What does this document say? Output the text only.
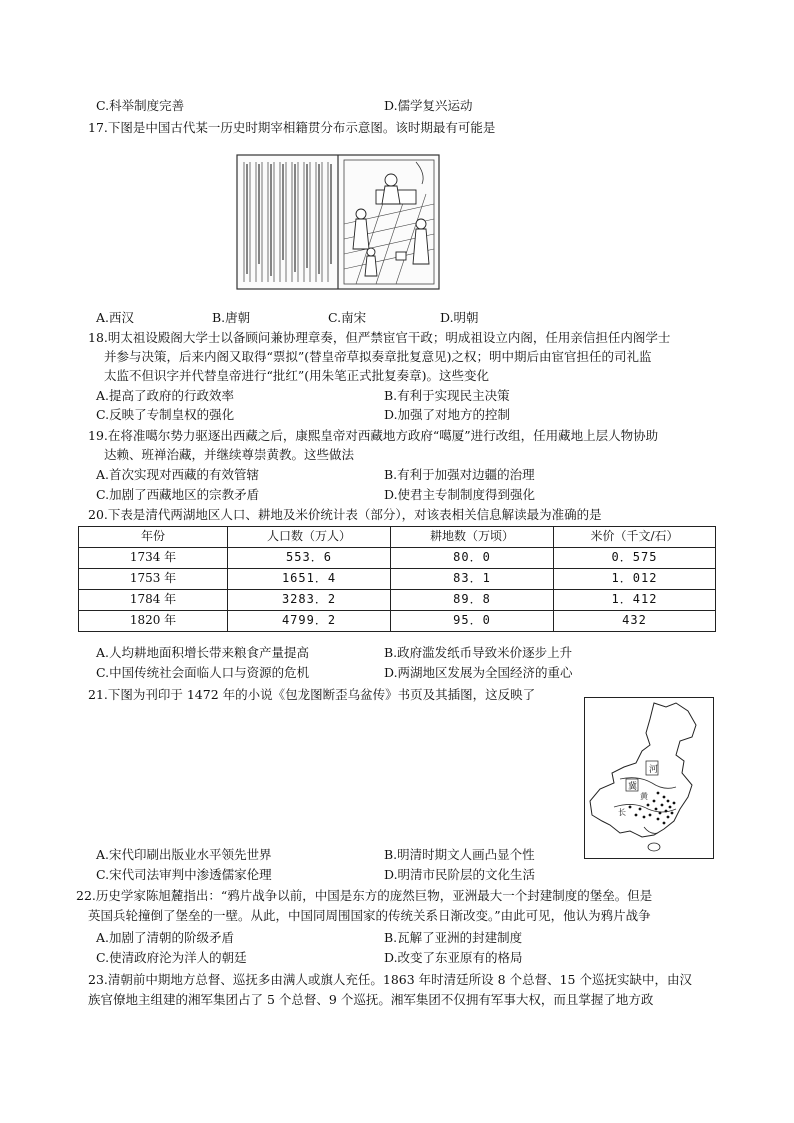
C.科举制度完善	D.儒学复兴运动
17.下图是中国古代某一历史时期宰相籍贯分布示意图。该时期最有可能是
A.西汉	B.唐朝	C.南宋	D.明朝
18.明太祖设殿阁大学士以备顾问兼协理章奏，但严禁宦官干政；明成祖设立内阁，任用亲信担任内阁学士
并参与决策，后来内阁又取得“票拟”(替皇帝草拟奏章批复意见)之权；明中期后由宦官担任的司礼监
太监不但识字并代替皇帝进行“批红”(用朱笔正式批复奏章)。这些变化
A.提高了政府的行政效率	B.有利于实现民主决策
C.反映了专制皇权的强化	D.加强了对地方的控制
19.在将准噶尔势力驱逐出西藏之后，康熙皇帝对西藏地方政府“噶厦”进行改组，任用藏地上层人物协助
达赖、班禅治藏，并继续尊崇黄教。这些做法
A.首次实现对西藏的有效管辖	B.有利于加强对边疆的治理
C.加剧了西藏地区的宗教矛盾	D.使君主专制制度得到强化
20.下表是清代两湖地区人口、耕地及米价统计表（部分），对该表相关信息解读最为准确的是
年份	人口数（万人）	耕地数（万顷）	米价（千文/石）
1734 年	553．6	80．0	0．575
1753 年	1651．4	83．1	1．012
1784 年	3283．2	89．8	1．412
1820 年	4799．2	95．0	432
A.人均耕地面积增长带来粮食产量提高	B.政府滥发纸币导致米价逐步上升
C.中国传统社会面临人口与资源的危机	D.两湖地区发展为全国经济的重心
21.下图为刊印于 1472 年的小说《包龙图断歪乌盆传》书页及其插图，这反映了
河
冀
黄
长
A.宋代印刷出版业水平领先世界	B.明清时期文人画凸显个性
C.宋代司法审判中渗透儒家伦理	D.明清市民阶层的文化生活
22.历史学家陈旭麓指出：“鸦片战争以前，中国是东方的庞然巨物，亚洲最大一个封建制度的堡垒。但是
英国兵轮撞倒了堡垒的一壁。从此，中国同周围国家的传统关系日渐改变。”由此可见，他认为鸦片战争
A.加剧了清朝的阶级矛盾	B.瓦解了亚洲的封建制度
C.使清政府沦为洋人的朝廷	D.改变了东亚原有的格局
23.清朝前中期地方总督、巡抚多由满人或旗人充任。1863 年时清廷所设 8 个总督、15 个巡抚实缺中，由汉
族官僚地主组建的湘军集团占了 5 个总督、9 个巡抚。湘军集团不仅拥有军事大权，而且掌握了地方政
